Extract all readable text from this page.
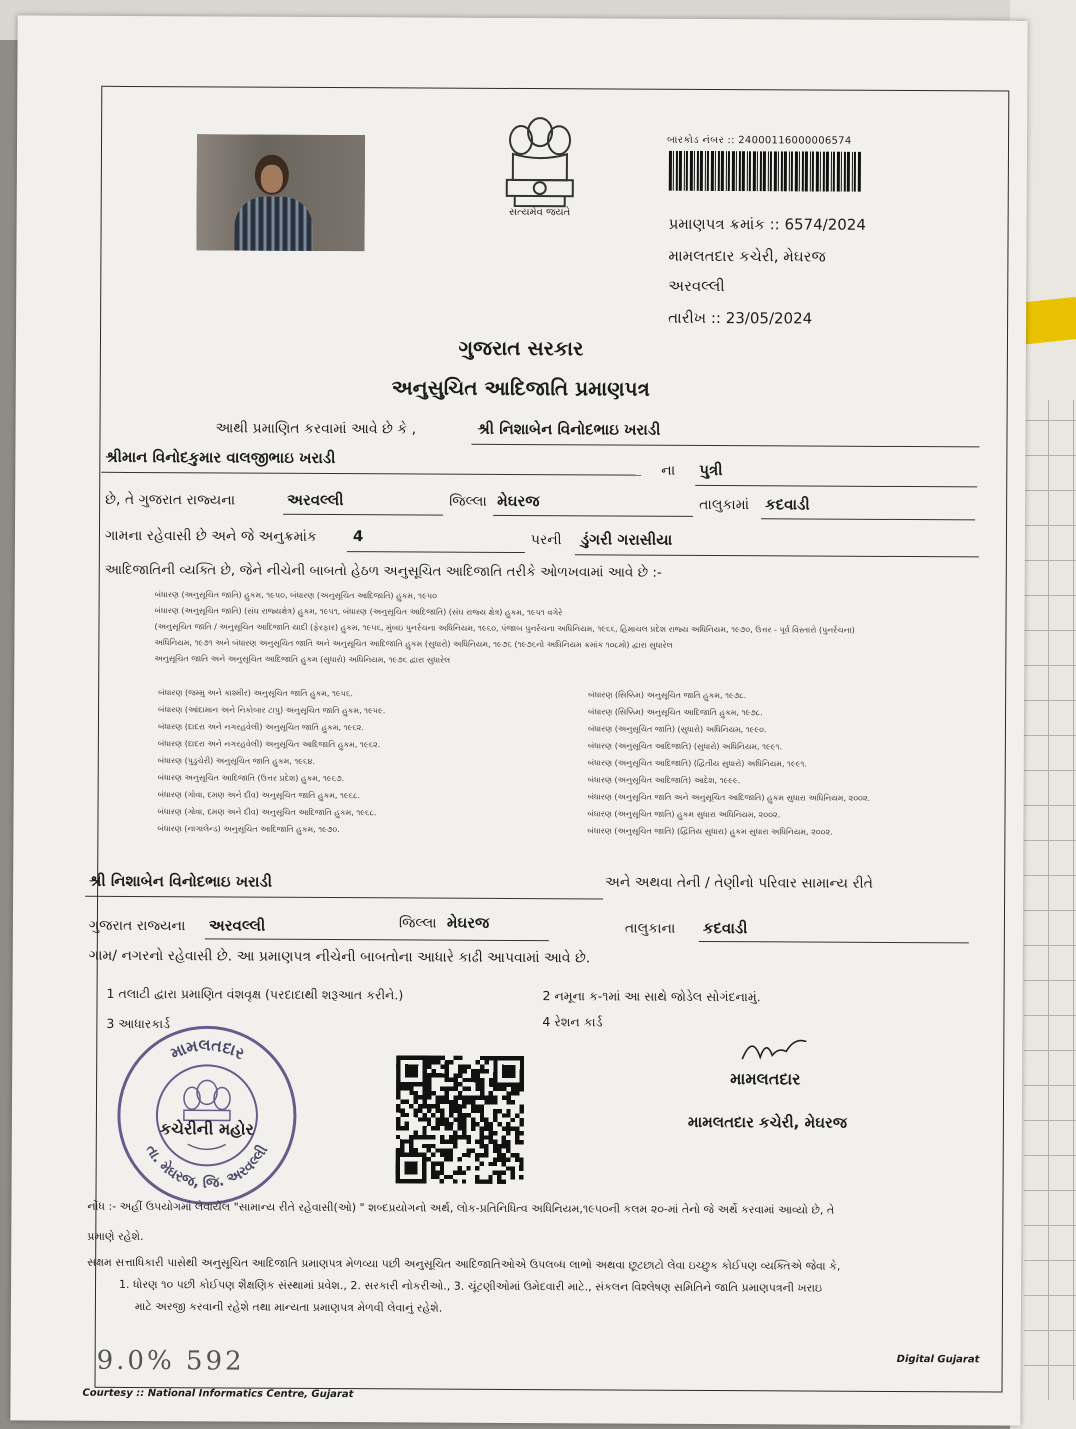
સત્યમેવ જયતે
બારકોડ નંબર :: 24000116000006574
પ્રમાણપત્ર ક્રમાંક :: 6574/2024
મામલતદાર કચેરી, મેઘરજ
અરવલ્લી
તારીખ :: 23/05/2024
ગુજરાત સરકાર
અનુસુચિત આદિજાતિ પ્રમાણપત્ર
આથી પ્રમાણિત કરવામાં આવે છે કે ,	શ્રી નિશાબેન વિનોદભાઇ ખરાડી
શ્રીમાન વિનોદકુમાર વાલજીભાઇ ખરાડી
ના પુત્રી
છે, તે ગુજરાત રાજ્યના	અરવલ્લી	જિલ્લા મેઘરજ	તાલુકામાં કદવાડી
ગામના રહેવાસી છે અને જે અનુક્રમાંક 4	પરની ડુંગરી ગરાસીયા
આદિજાતિની વ્યક્તિ છે, જેને નીચેની બાબતો હેઠળ અનુસૂચિત આદિજાતિ તરીકે ઓળખવામાં આવે છે :-
બંધારણ (અનુસૂચિત જાતિ) હુકમ, ૧૯૫૦, બંધારણ (અનુસૂચિત આદિજાતિ) હુકમ, ૧૯૫૦
બંધારણ (અનુસૂચિત જાતિ) (સંઘ રાજ્યક્ષેત્ર) હુકમ, ૧૯૫૧, બંધારણ (અનુસૂચિત આદિજાતિ) (સંઘ રાજ્ય ક્ષેત્ર) હુકમ, ૧૯૫૧ વગેરે
(અનુસૂચિત જાતિ / અનુસૂચિત આદિજાતિ યાદી (ફેરફાર) હુકમ, ૧૯૫૬, મુંબઇ પુનર્રચના અધિનિયમ, ૧૯૬૦, પંજાબ પુનર્રચના અધિનિયમ, ૧૯૬૬, હિમાચલ પ્રદેશ રાજ્ય અધિનિયમ, ૧૯૭૦, ઉત્તર - પૂર્વ વિસ્તારો (પુનર્રચના)
અધિનિયમ, ૧૯૭૧ અને બંધારણ અનુસૂચિત જાતિ અને અનુસૂચિત આદિજાતિ હુકમ (સુધારો) અધિનિયમ, ૧૯૭૬ (૧૯૭૬નો અધિનિયમ ક્રમાંક ૧૦૮મો) દ્વારા સુધારેલ
અનુસૂચિત જાતિ અને અનુસૂચિત આદિજાતિ હુકમ (સુધારો) અધિનિયમ, ૧૯૭૬ દ્વારા સુધારેલ
બંધારણ (જમ્મુ અને કાશ્મીર) અનુસૂચિત જાતિ હુકમ, ૧૯૫૬.
બંધારણ (આંદામાન અને નિકોબાર ટાપુ) અનુસૂચિત જાતિ હુકમ, ૧૯૫૯.
બંધારણ (દાદરા અને નગરહવેલી) અનુસૂચિત જાતિ હુકમ, ૧૯૬૨.
બંધારણ (દાદરા અને નગરહવેલી) અનુસૂચિત આદિજાતિ હુકમ, ૧૯૬૨.
બંધારણ (પુડુચેરી) અનુસૂચિત જાતિ હુકમ, ૧૯૬૪.
બંધારણ અનુસૂચિત આદિજાતિ (ઉત્તર પ્રદેશ) હુકમ, ૧૯૬૭.
બંધારણ (ગોવા, દમણ અને દીવ) અનુસૂચિત જાતિ હુકમ, ૧૯૬૮.
બંધારણ (ગોવા, દમણ અને દીવ) અનુસૂચિત આદિજાતિ હુકમ, ૧૯૬૮.
બંધારણ (નાગાલેન્ડ) અનુસૂચિત આદિજાતિ હુકમ, ૧૯૭૦.
બંધારણ (સિક્કિમ) અનુસૂચિત જાતિ હુકમ, ૧૯૭૮.
બંધારણ (સિક્કિમ) અનુસૂચિત આદિજાતિ હુકમ, ૧૯૭૮.
બંધારણ (અનુસૂચિત જાતિ) (સુધારો) અધિનિયમ, ૧૯૯૦.
બંધારણ (અનુસૂચિત આદિજાતિ) (સુધારો) અધિનિયમ, ૧૯૯૧.
બંધારણ (અનુસૂચિત આદિજાતિ) (દ્વિતીય સુધારો) અધિનિયમ, ૧૯૯૧.
બંધારણ (અનુસૂચિત આદિજાતિ) આદેશ, ૧૯૯૯.
બંધારણ (અનુસૂચિત જાતિ અને અનુસૂચિત આદિજાતિ) હુકમ સુધારા અધિનિયમ, ૨૦૦૨.
બંધારણ (અનુસૂચિત જાતિ) હુકમ સુધારા અધિનિયમ, ૨૦૦૨.
બંધારણ (અનુસૂચિત જાતિ) (દ્વિતિય સુધારા) હુકમ સુધારા અધિનિયમ, ૨૦૦૨.
શ્રી નિશાબેન વિનોદભાઇ ખરાડી	અને અથવા તેની / તેણીનો પરિવાર સામાન્ય રીતે
ગુજરાત રાજ્યના અરવલ્લી	જિલ્લા મેઘરજ	તાલુકાના કદવાડી
ગામ/ નગરનો રહેવાસી છે. આ પ્રમાણપત્ર નીચેની બાબતોના આધારે કાઢી આપવામાં આવે છે.
1 તલાટી દ્વારા પ્રમાણિત વંશવૃક્ષ (પરદાદાથી શરૂઆત કરીને.)	2 નમૂના ક-૧માં આ સાથે જોડેલ સોગંદનામું.
3 આધારકાર્ડ	4 રેશન કાર્ડ
મામલતદાર
તા. મેઘરજ, જિ. અરવલ્લી
કચેરીની મહોર
મામલતદાર
મામલતદાર કચેરી, મેઘરજ
નોંધ :- અહીં ઉપયોગમાં લેવાયેલ "સામાન્ય રીતે રહેવાસી(ઓ) " શબ્દપ્રયોગનો અર્થ, લોક-પ્રતિનિધિત્વ અધિનિયમ,૧૯૫૦ની કલમ ૨૦-માં તેનો જે અર્થે કરવામાં આવ્યો છે, તે
પ્રમાણે રહેશે.
સક્ષમ સત્તાધિકારી પાસેથી અનુસૂચિત આદિજાતિ પ્રમાણપત્ર મેળવ્યા પછી અનુસૂચિત આદિજાતિઓએ ઉપલબ્ધ લાભો અથવા છૂટછાટો લેવા ઇચ્છુક કોઈપણ વ્યક્તિએ જેવા કે,
1. ધોરણ ૧૦ પછી કોઈપણ શૈક્ષણિક સંસ્થામાં પ્રવેશ., 2. સરકારી નોકરીઓ., 3. ચૂંટણીઓમાં ઉમેદવારી માટે., સંકલન વિશ્લેષણ સમિતિને જાતિ પ્રમાણપત્રની ખરાઇ
માટે અરજી કરવાની રહેશે તથા માન્યતા પ્રમાણપત્ર મેળવી લેવાનું રહેશે.
9.0% 592
Courtesy :: National Informatics Centre, Gujarat
Digital Gujarat
